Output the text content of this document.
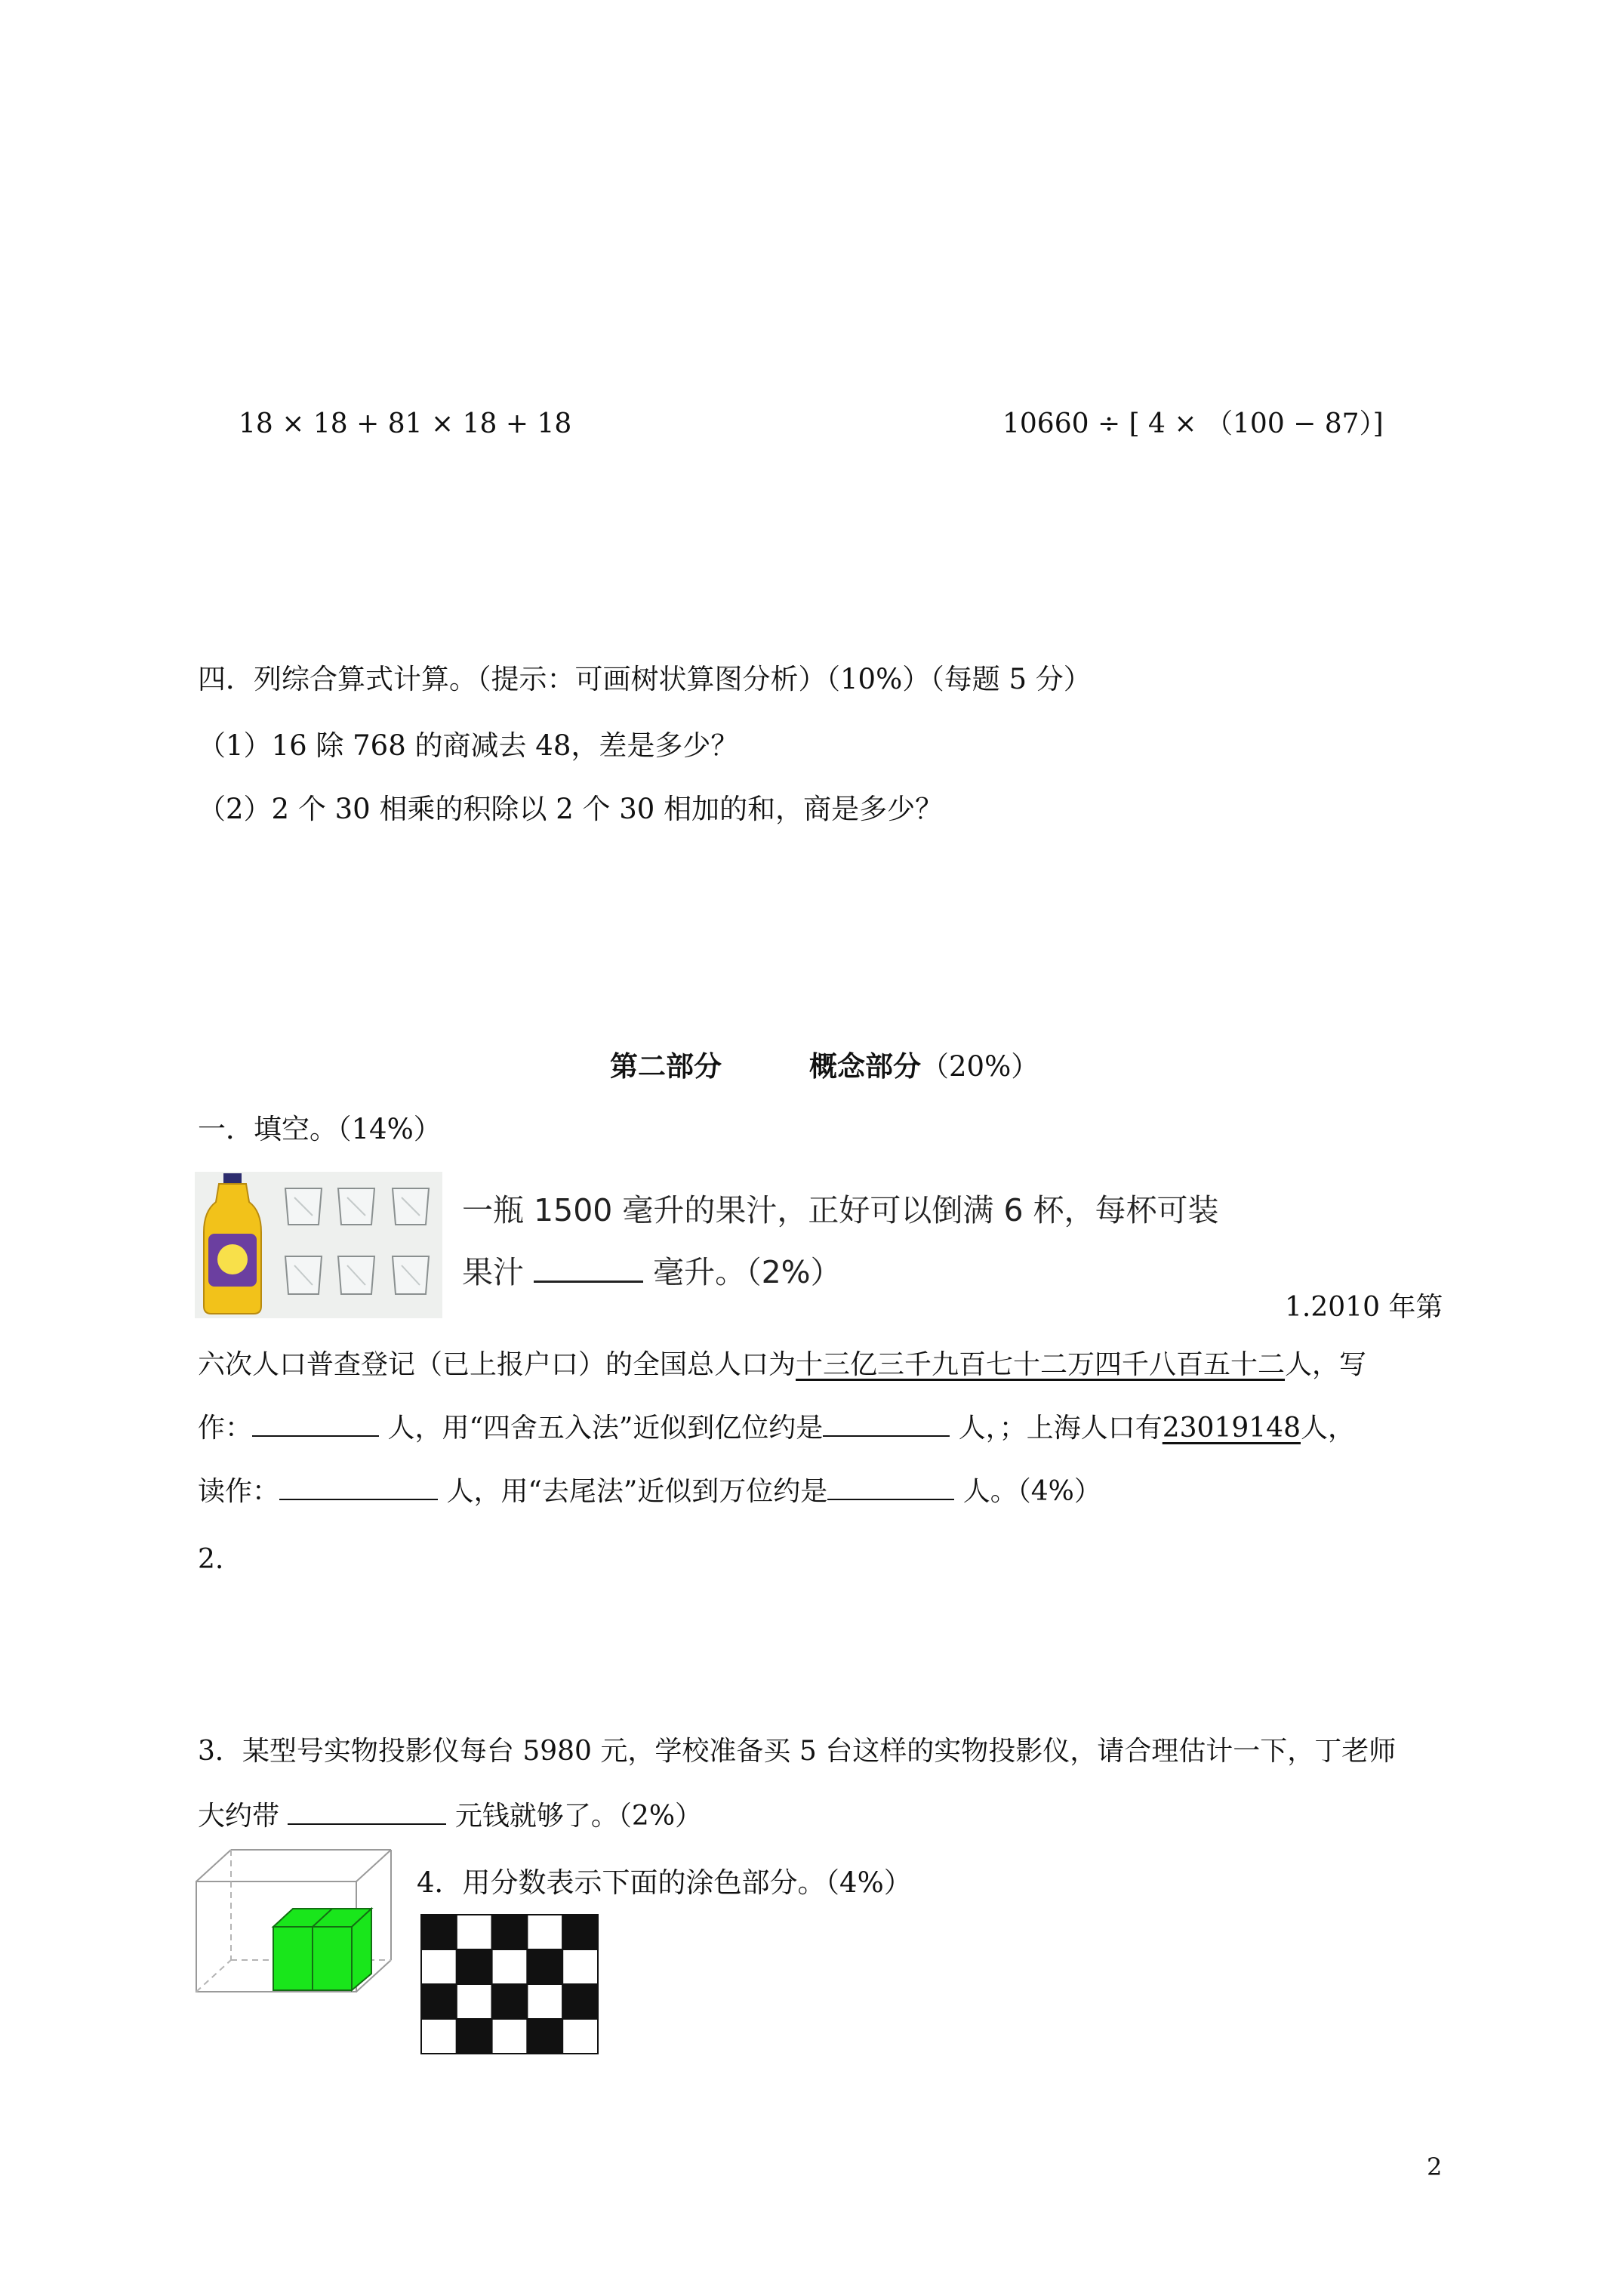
18 × 18 + 81 × 18 + 18	10660 ÷ [ 4 × （100 − 87）]
四．列综合算式计算。（提示：可画树状算图分析）（10%）（每题 5 分）
（1）16 除 768 的商减去 48，差是多少？
（2）2 个 30 相乘的积除以 2 个 30 相加的和，商是多少？
第二部分	概念部分（20%）
一．填空。（14%）
一瓶 1500 毫升的果汁，正好可以倒满 6 杯，每杯可装
果汁	毫升。（2%）
1.2010 年第
六次人口普查登记（已上报户口）的全国总人口为十三亿三千九百七十二万四千八百五十二人，写
作：	人，用“四舍五入法”近似到亿位约是	人，；上海人口有23019148人，
读作：	人，用“去尾法”近似到万位约是	人。（4%）
2.
3．某型号实物投影仪每台 5980 元，学校准备买 5 台这样的实物投影仪，请合理估计一下，丁老师
大约带	元钱就够了。（2%）
4．用分数表示下面的涂色部分。（4%）
2
